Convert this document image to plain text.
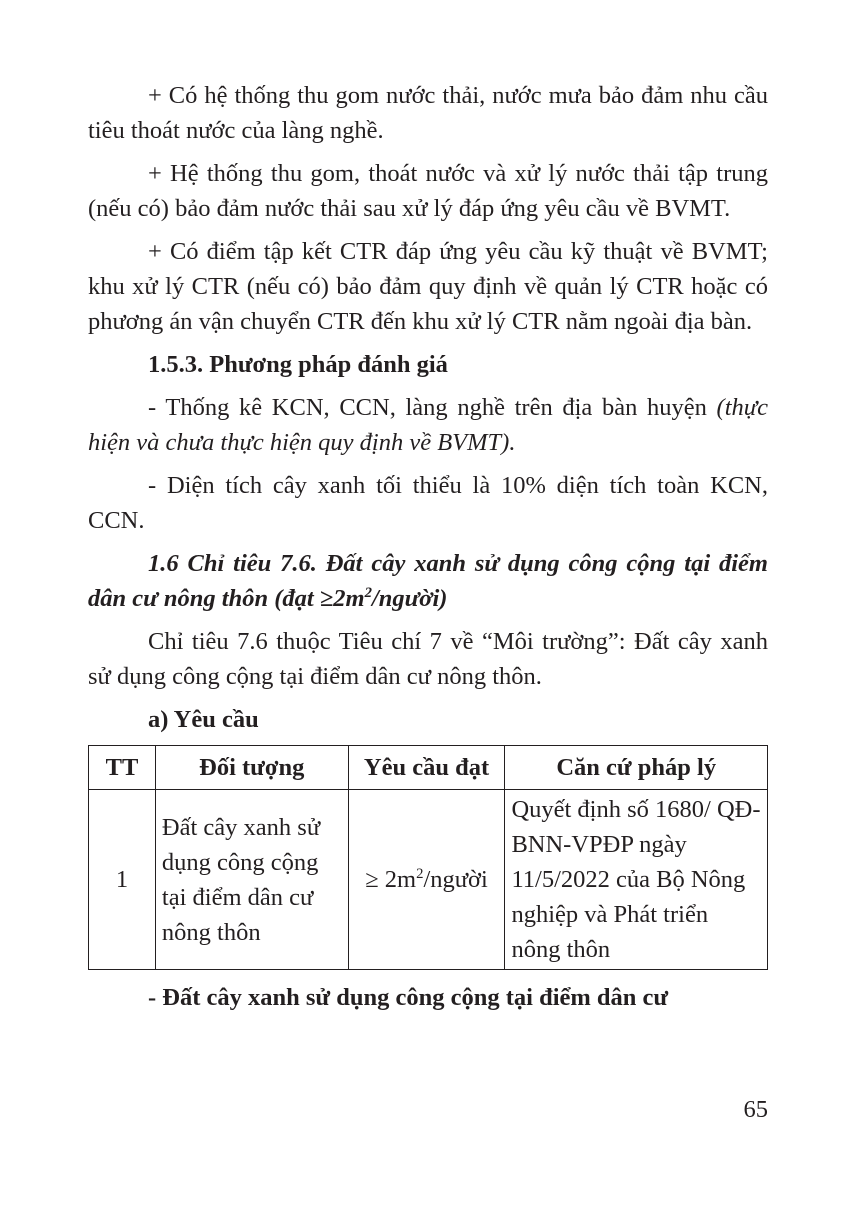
+ Có hệ thống thu gom nước thải, nước mưa bảo đảm nhu cầu tiêu thoát nước của làng nghề.

+ Hệ thống thu gom, thoát nước và xử lý nước thải tập trung (nếu có) bảo đảm nước thải sau xử lý đáp ứng yêu cầu về BVMT.

+ Có điểm tập kết CTR đáp ứng yêu cầu kỹ thuật về BVMT; khu xử lý CTR (nếu có) bảo đảm quy định về quản lý CTR hoặc có phương án vận chuyển CTR đến khu xử lý CTR nằm ngoài địa bàn.

1.5.3. Phương pháp đánh giá

- Thống kê KCN, CCN, làng nghề trên địa bàn huyện (thực hiện và chưa thực hiện quy định về BVMT).

- Diện tích cây xanh tối thiểu là 10% diện tích toàn KCN, CCN.

1.6 Chỉ tiêu 7.6. Đất cây xanh sử dụng công cộng tại điểm dân cư nông thôn (đạt $\ge 2m^2/người$)

Chỉ tiêu 7.6 thuộc Tiêu chí 7 về “Môi trường”: Đất cây xanh sử dụng công cộng tại điểm dân cư nông thôn.

a) Yêu cầu

TT	Đối tượng	Yêu cầu đạt	Căn cứ pháp lý
1	Đất cây xanh sử dụng công cộng tại điểm dân cư nông thôn	≥ $2m^2$/người	Quyết định số 1680/ QĐ-BNN-VPĐP ngày 11/5/2022 của Bộ Nông nghiệp và Phát triển nông thôn

- Đất cây xanh sử dụng công cộng tại điểm dân cư

65
